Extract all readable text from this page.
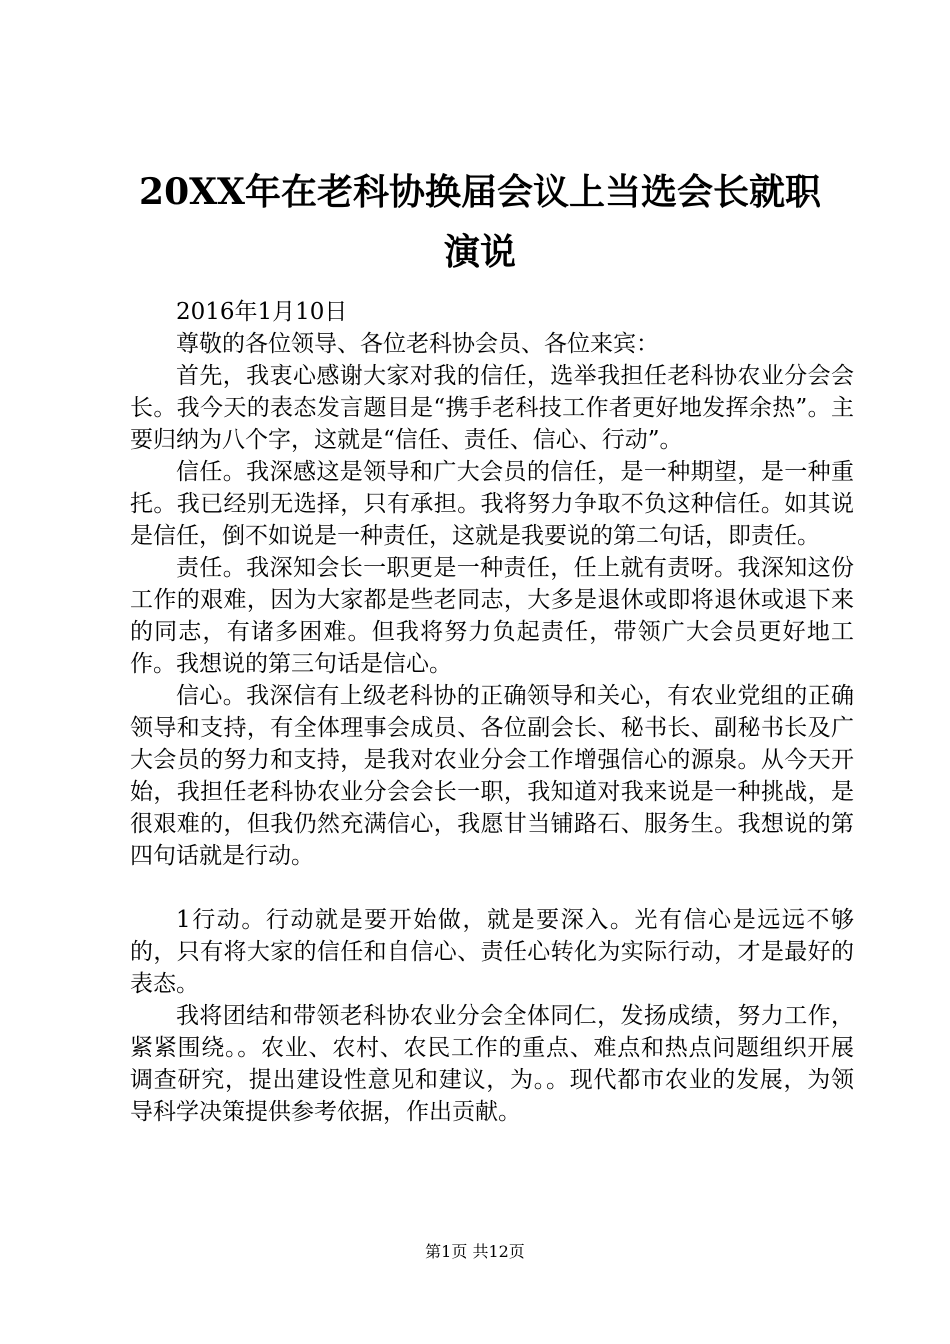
20XX年在老科协换届会议上当选会长就职演说

2016年1月10日

尊敬的各位领导、各位老科协会员、各位来宾：

首先，我衷心感谢大家对我的信任，选举我担任老科协农业分会会长。我今天的表态发言题目是“携手老科技工作者更好地发挥余热”。主要归纳为八个字，这就是“信任、责任、信心、行动”。

信任。我深感这是领导和广大会员的信任，是一种期望，是一种重托。我已经别无选择，只有承担。我将努力争取不负这种信任。如其说是信任，倒不如说是一种责任，这就是我要说的第二句话，即责任。

责任。我深知会长一职更是一种责任，任上就有责呀。我深知这份工作的艰难，因为大家都是些老同志，大多是退休或即将退休或退下来的同志，有诸多困难。但我将努力负起责任，带领广大会员更好地工作。我想说的第三句话是信心。

信心。我深信有上级老科协的正确领导和关心，有农业党组的正确领导和支持，有全体理事会成员、各位副会长、秘书长、副秘书长及广大会员的努力和支持，是我对农业分会工作增强信心的源泉。从今天开始，我担任老科协农业分会会长一职，我知道对我来说是一种挑战，是很艰难的，但我仍然充满信心，我愿甘当铺路石、服务生。我想说的第四句话就是行动。

1行动。行动就是要开始做，就是要深入。光有信心是远远不够的，只有将大家的信任和自信心、责任心转化为实际行动，才是最好的表态。

我将团结和带领老科协农业分会全体同仁，发扬成绩，努力工作，紧紧围绕。。农业、农村、农民工作的重点、难点和热点问题组织开展调查研究，提出建设性意见和建议，为。。现代都市农业的发展，为领导科学决策提供参考依据，作出贡献。

第1页 共12页
